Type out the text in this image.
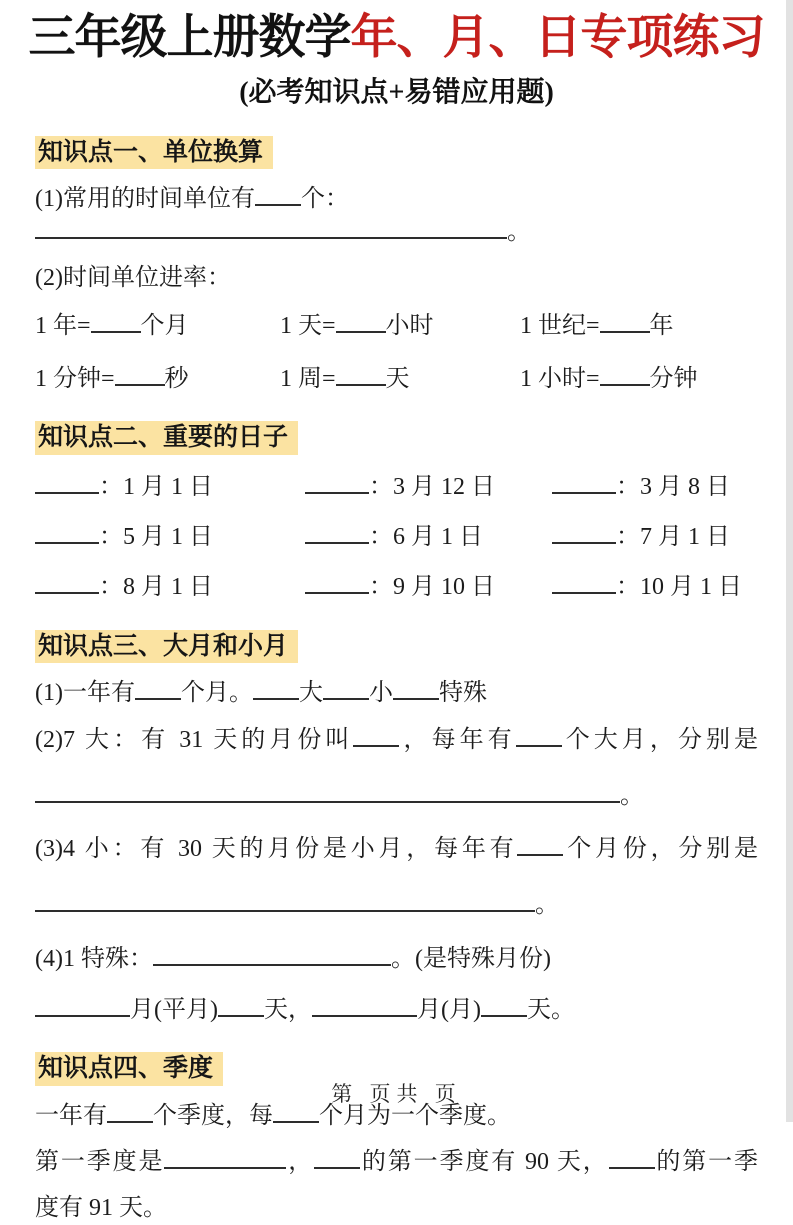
三年级上册数学年、月、日专项练习
(必考知识点+易错应用题)
知识点一、单位换算
(1)常用的时间单位有 个：。
(2)时间单位进率：
1 年= 个月	1 天= 小时	1 世纪= 年
1 分钟= 秒	1 周= 天	1 小时= 分钟
知识点二、重要的日子
：1 月 1 日	：3 月 12 日	：3 月 8 日
：5 月 1 日	：6 月 1 日	：7 月 1 日
：8 月 1 日	：9 月 10 日	：10 月 1 日
知识点三、大月和小月
(1)一年有 个月。 大 小 特殊
(2)7 大：有 31 天的月份叫 ，每年有 个大月，分别是
。
(3)4 小：有 30 天的月份是小月，每年有 个月份，分别是
。
(4)1 特殊：	。(是特殊月份)
月(平月) 天，	月(月) 天。
知识点四、季度
一年有 个季度，每 个月为一个季度。
第一季度是	， 的第一季度有 90 天， 的第一季
度有 91 天。
第 页共 页
